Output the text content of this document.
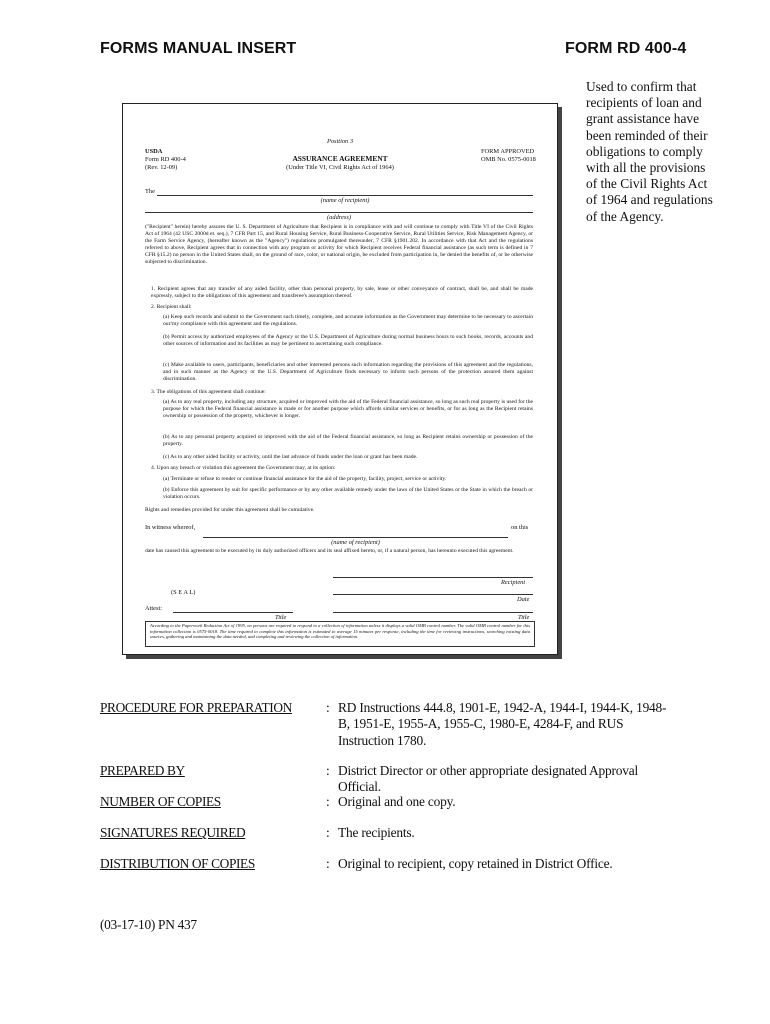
FORMS MANUAL INSERT	FORM RD 400-4
Used to confirm that recipients of loan and grant assistance have been reminded of their obligations to comply with all the provisions of the Civil Rights Act of 1964 and regulations of the Agency.
Position 3
USDA
Form RD 400-4
(Rev. 12-09)
ASSURANCE AGREEMENT
(Under Title VI, Civil Rights Act of 1964)
FORM APPROVED
OMB No. 0575-0018
The
(name of recipient)
(address)
("Recipient" herein) hereby assures the U. S. Department of Agriculture that Recipient is in compliance with and will continue to comply with Title VI of the Civil Rights Act of 1964 (42 USC 2000d et. seq.), 7 CFR Part 15, and Rural Housing Service, Rural Business-Cooperative Service, Rural Utilities Service, Risk Management Agency, or the Farm Service Agency, (hereafter known as the "Agency") regulations promulgated thereunder, 7 CFR §1901.202. In accordance with that Act and the regulations referred to above, Recipient agrees that in connection with any program or activity for which Recipient receives Federal financial assistance (as such term is defined in 7 CFR §15.2) no person in the United States shall, on the ground of race, color, or national origin, be excluded from participation in, be denied the benefits of, or be otherwise subjected to discrimination.
1. Recipient agrees that any transfer of any aided facility, other than personal property, by sale, lease or other conveyance of contract, shall be, and shall be made expressly, subject to the obligations of this agreement and transferee's assumption thereof.
2. Recipient shall:
(a) Keep such records and submit to the Government such timely, complete, and accurate information as the Government may determine to be necessary to ascertain our/my compliance with this agreement and the regulations.
(b) Permit access by authorized employees of the Agency or the U.S. Department of Agriculture during normal business hours to such books, records, accounts and other sources of information and its facilities as may be pertinent to ascertaining such compliance.
(c) Make available to users, participants, beneficiaries and other interested persons such information regarding the provisions of this agreement and the regulations, and in such manner as the Agency or the U.S. Department of Agriculture finds necessary to inform such persons of the protection assured them against discrimination.
3. The obligations of this agreement shall continue:
(a) As to any real property, including any structure, acquired or improved with the aid of the Federal financial assistance, so long as such real property is used for the purpose for which the Federal financial assistance is made or for another purpose which affords similar services or benefits, or for as long as the Recipient retains ownership or possession of the property, whichever is longer.
(b) As to any personal property acquired or improved with the aid of the Federal financial assistance, so long as Recipient retains ownership or possession of the property.
(c) As to any other aided facility or activity, until the last advance of funds under the loan or grant has been made.
4. Upon any breach or violation this agreement the Government may, at its option:
(a) Terminate or refuse to render or continue financial assistance for the aid of the property, facility, project, service or activity.
(b) Enforce this agreement by suit for specific performance or by any other available remedy under the laws of the United States or the State in which the breach or violation occurs.
Rights and remedies provided for under this agreement shall be cumulative.
In witness whereof,	on this
(name of recipient)
date has caused this agreement to be executed by its duly authorized officers and its seal affixed hereto, or, if a natural person, has hereunto executed this agreement.
Recipient
(S E A L)
Date
Attest:
Title	Title
According to the Paperwork Reduction Act of 1995, no persons are required to respond to a collection of information unless it displays a valid OMB control number. The valid OMB control number for this information collection is 0575-0018. The time required to complete this information is estimated to average 15 minutes per response, including the time for reviewing instructions, searching existing data sources, gathering and maintaining the data needed, and completing and reviewing the collection of information.
PROCEDURE FOR PREPARATION	: RD Instructions 444.8, 1901-E, 1942-A, 1944-I, 1944-K, 1948-B, 1951-E, 1955-A, 1955-C, 1980-E, 4284-F, and RUS Instruction 1780.
PREPARED BY	: District Director or other appropriate designated Approval Official.
NUMBER OF COPIES	: Original and one copy.
SIGNATURES REQUIRED	: The recipients.
DISTRIBUTION OF COPIES	: Original to recipient, copy retained in District Office.
(03-17-10) PN 437
